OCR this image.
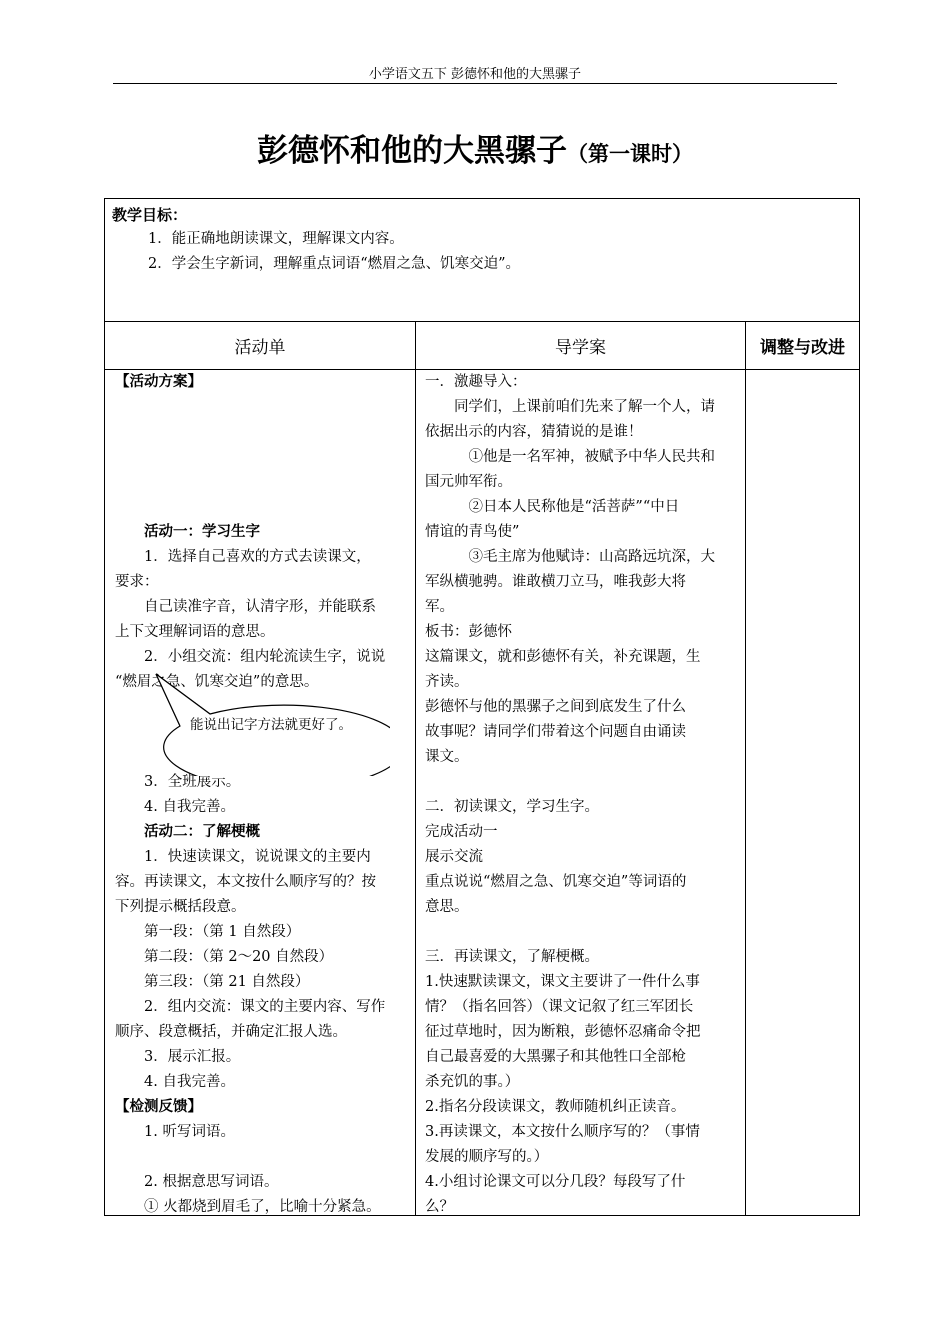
小学语文五下 彭德怀和他的大黑骡子
彭德怀和他的大黑骡子（第一课时）
教学目标：
1．能正确地朗读课文，理解课文内容。
2．学会生字新词，理解重点词语“燃眉之急、饥寒交迫”。
活动单	导学案	调整与改进
【活动方案】
　　活动一：学习生字
　　1．选择自己喜欢的方式去读课文，
要求：
　　自己读准字音，认清字形，并能联系
上下文理解词语的意思。
　　2．小组交流：组内轮流读生字，说说
“燃眉之急、饥寒交迫”的意思。
　　3．全班展示。
　　4. 自我完善。
　　活动二：了解梗概
　　1．快速读课文，说说课文的主要内
容。再读课文，本文按什么顺序写的？按
下列提示概括段意。
　　第一段：（第 1 自然段）
　　第二段：（第 2～20 自然段）
　　第三段：（第 21 自然段）
　　2．组内交流：课文的主要内容、写作
顺序、段意概括，并确定汇报人选。
　　3．展示汇报。
　　4. 自我完善。
【检测反馈】
　　1. 听写词语。
　　2. 根据意思写词语。
　　① 火都烧到眉毛了，比喻十分紧急。
一．激趣导入：
　　同学们，上课前咱们先来了解一个人，请
依据出示的内容，猜猜说的是谁！
　　　①他是一名军神，被赋予中华人民共和
国元帅军衔。
　　　②日本人民称他是“活菩萨”“中日
情谊的青鸟使”
　　　③毛主席为他赋诗：山高路远坑深，大
军纵横驰骋。谁敢横刀立马，唯我彭大将
军。
板书：彭德怀
这篇课文，就和彭德怀有关，补充课题，生
齐读。
彭德怀与他的黑骡子之间到底发生了什么
故事呢？请同学们带着这个问题自由诵读
课文。
二．初读课文，学习生字。
完成活动一
展示交流
重点说说“燃眉之急、饥寒交迫”等词语的
意思。
三．再读课文，了解梗概。
1.快速默读课文，课文主要讲了一件什么事
情？（指名回答）（课文记叙了红三军团长
征过草地时，因为断粮，彭德怀忍痛命令把
自己最喜爱的大黑骡子和其他牲口全部枪
杀充饥的事。）
2.指名分段读课文，教师随机纠正读音。
3.再读课文，本文按什么顺序写的？（事情
发展的顺序写的。）
4.小组讨论课文可以分几段？每段写了什
么？
能说出记字方法就更好了。
